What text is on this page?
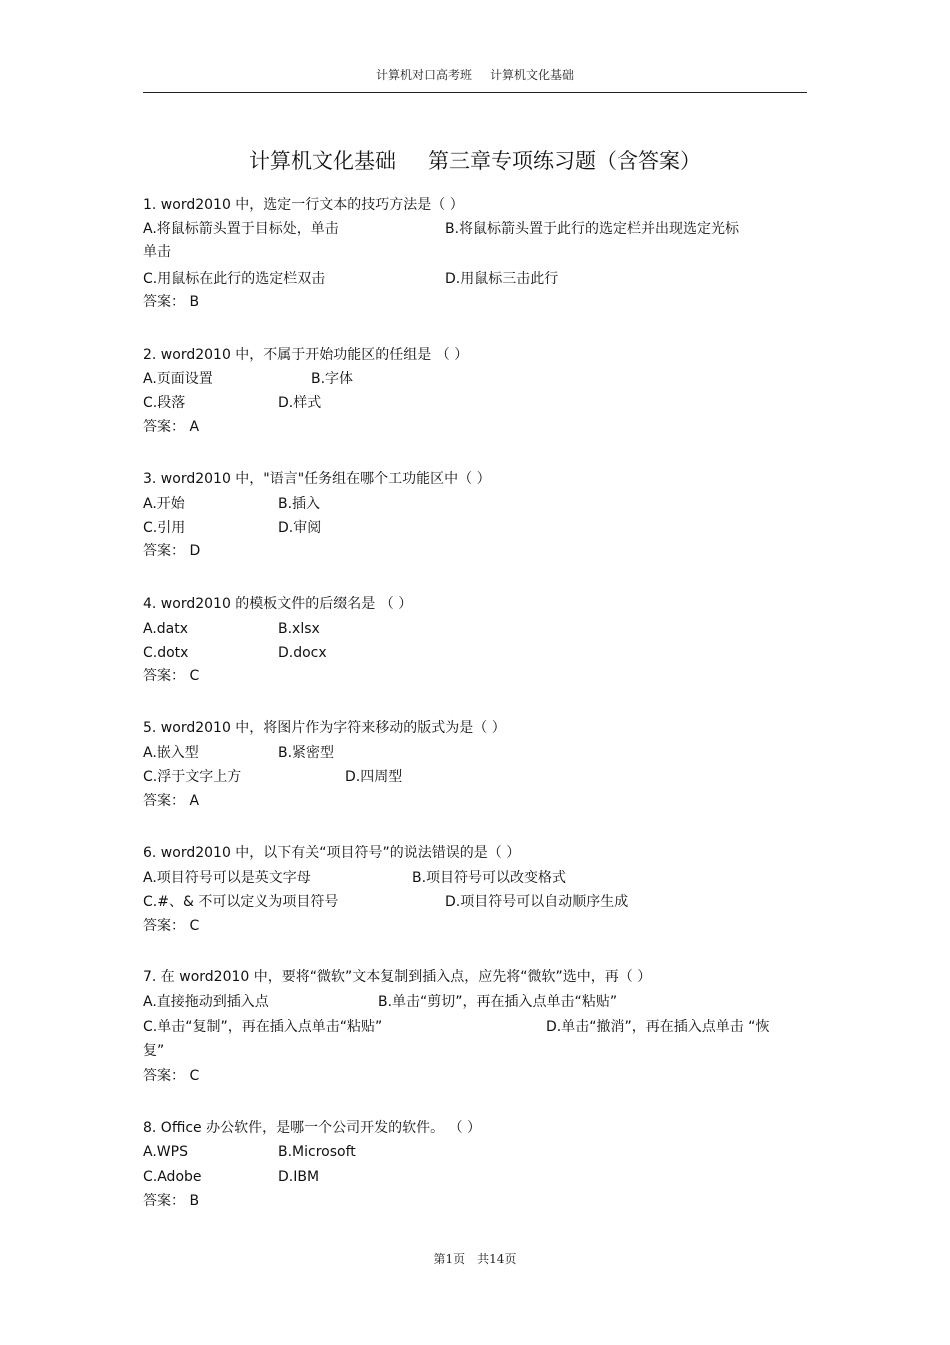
计算机对口高考班 计算机文化基础
计算机文化基础 第三章专项练习题（含答案）
1. word2010 中，选定一行文本的技巧方法是（ ）
A.将鼠标箭头置于目标处，单击	B.将鼠标箭头置于此行的选定栏并出现选定光标
单击
C.用鼠标在此行的选定栏双击	D.用鼠标三击此行
答案： B
2. word2010 中，不属于开始功能区的任组是 （ ）
A.页面设置	B.字体
C.段落	D.样式
答案： A
3. word2010 中，"语言"任务组在哪个工功能区中（ ）
A.开始	B.插入
C.引用	D.审阅
答案： D
4. word2010 的模板文件的后缀名是 （ ）
A.datx	B.xlsx
C.dotx	D.docx
答案： C
5. word2010 中，将图片作为字符来移动的版式为是（ ）
A.嵌入型	B.紧密型
C.浮于文字上方	D.四周型
答案： A
6. word2010 中，以下有关“项目符号”的说法错误的是（ ）
A.项目符号可以是英文字母	B.项目符号可以改变格式
C.#、& 不可以定义为项目符号	D.项目符号可以自动顺序生成
答案： C
7. 在 word2010 中，要将“微软”文本复制到插入点，应先将“微软”选中，再（ ）
A.直接拖动到插入点	B.单击“剪切”，再在插入点单击“粘贴”
C.单击“复制”，再在插入点单击“粘贴”	D.单击“撤消”，再在插入点单击 “恢
复”
答案： C
8. Office 办公软件，是哪一个公司开发的软件。 （ ）
A.WPS	B.Microsoft
C.Adobe	D.IBM
答案： B
第1页 共14页
